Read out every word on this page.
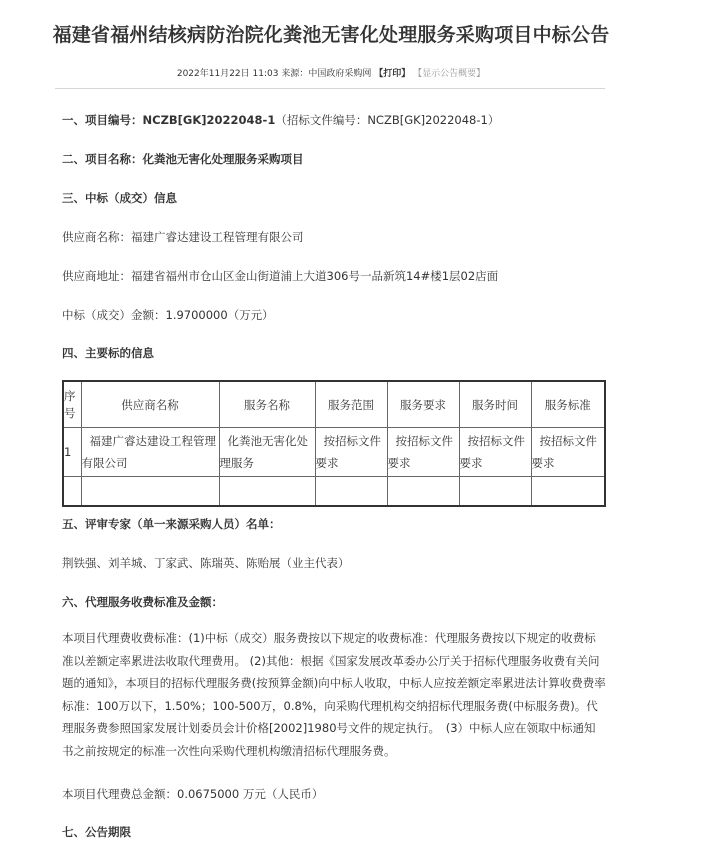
福建省福州结核病防治院化粪池无害化处理服务采购项目中标公告
2022年11月22日 11:03 来源：中国政府采购网 【打印】 【显示公告概要】
一、项目编号：NCZB[GK]2022048-1（招标文件编号：NCZB[GK]2022048-1）
二、项目名称：化粪池无害化处理服务采购项目
三、中标（成交）信息
供应商名称：福建广睿达建设工程管理有限公司
供应商地址：福建省福州市仓山区金山街道浦上大道306号一品新筑14#楼1层02店面
中标（成交）金额：1.9700000（万元）
四、主要标的信息
序号	供应商名称	服务名称	服务范围	服务要求	服务时间	服务标准
1	福建广睿达建设工程管理有限公司	化粪池无害化处理服务	按招标文件要求	按招标文件要求	按招标文件要求	按招标文件要求

五、评审专家（单一来源采购人员）名单：
荆铁强、刘羊城、丁家武、陈瑞英、陈贻展（业主代表）
六、代理服务收费标准及金额：
本项目代理费收费标准：(1)中标（成交）服务费按以下规定的收费标准：代理服务费按以下规定的收费标准以差额定率累进法收取代理费用。 (2)其他：根据《国家发展改革委办公厅关于招标代理服务收费有关问题的通知》，本项目的招标代理服务费(按预算金额)向中标人收取，中标人应按差额定率累进法计算收费费率标准：100万以下，1.50%；100-500万，0.8%，向采购代理机构交纳招标代理服务费(中标服务费)。代理服务费参照国家发展计划委员会计价格[2002]1980号文件的规定执行。　(3）中标人应在领取中标通知书之前按规定的标准一次性向采购代理机构缴清招标代理服务费。
本项目代理费总金额：0.0675000 万元（人民币）
七、公告期限
